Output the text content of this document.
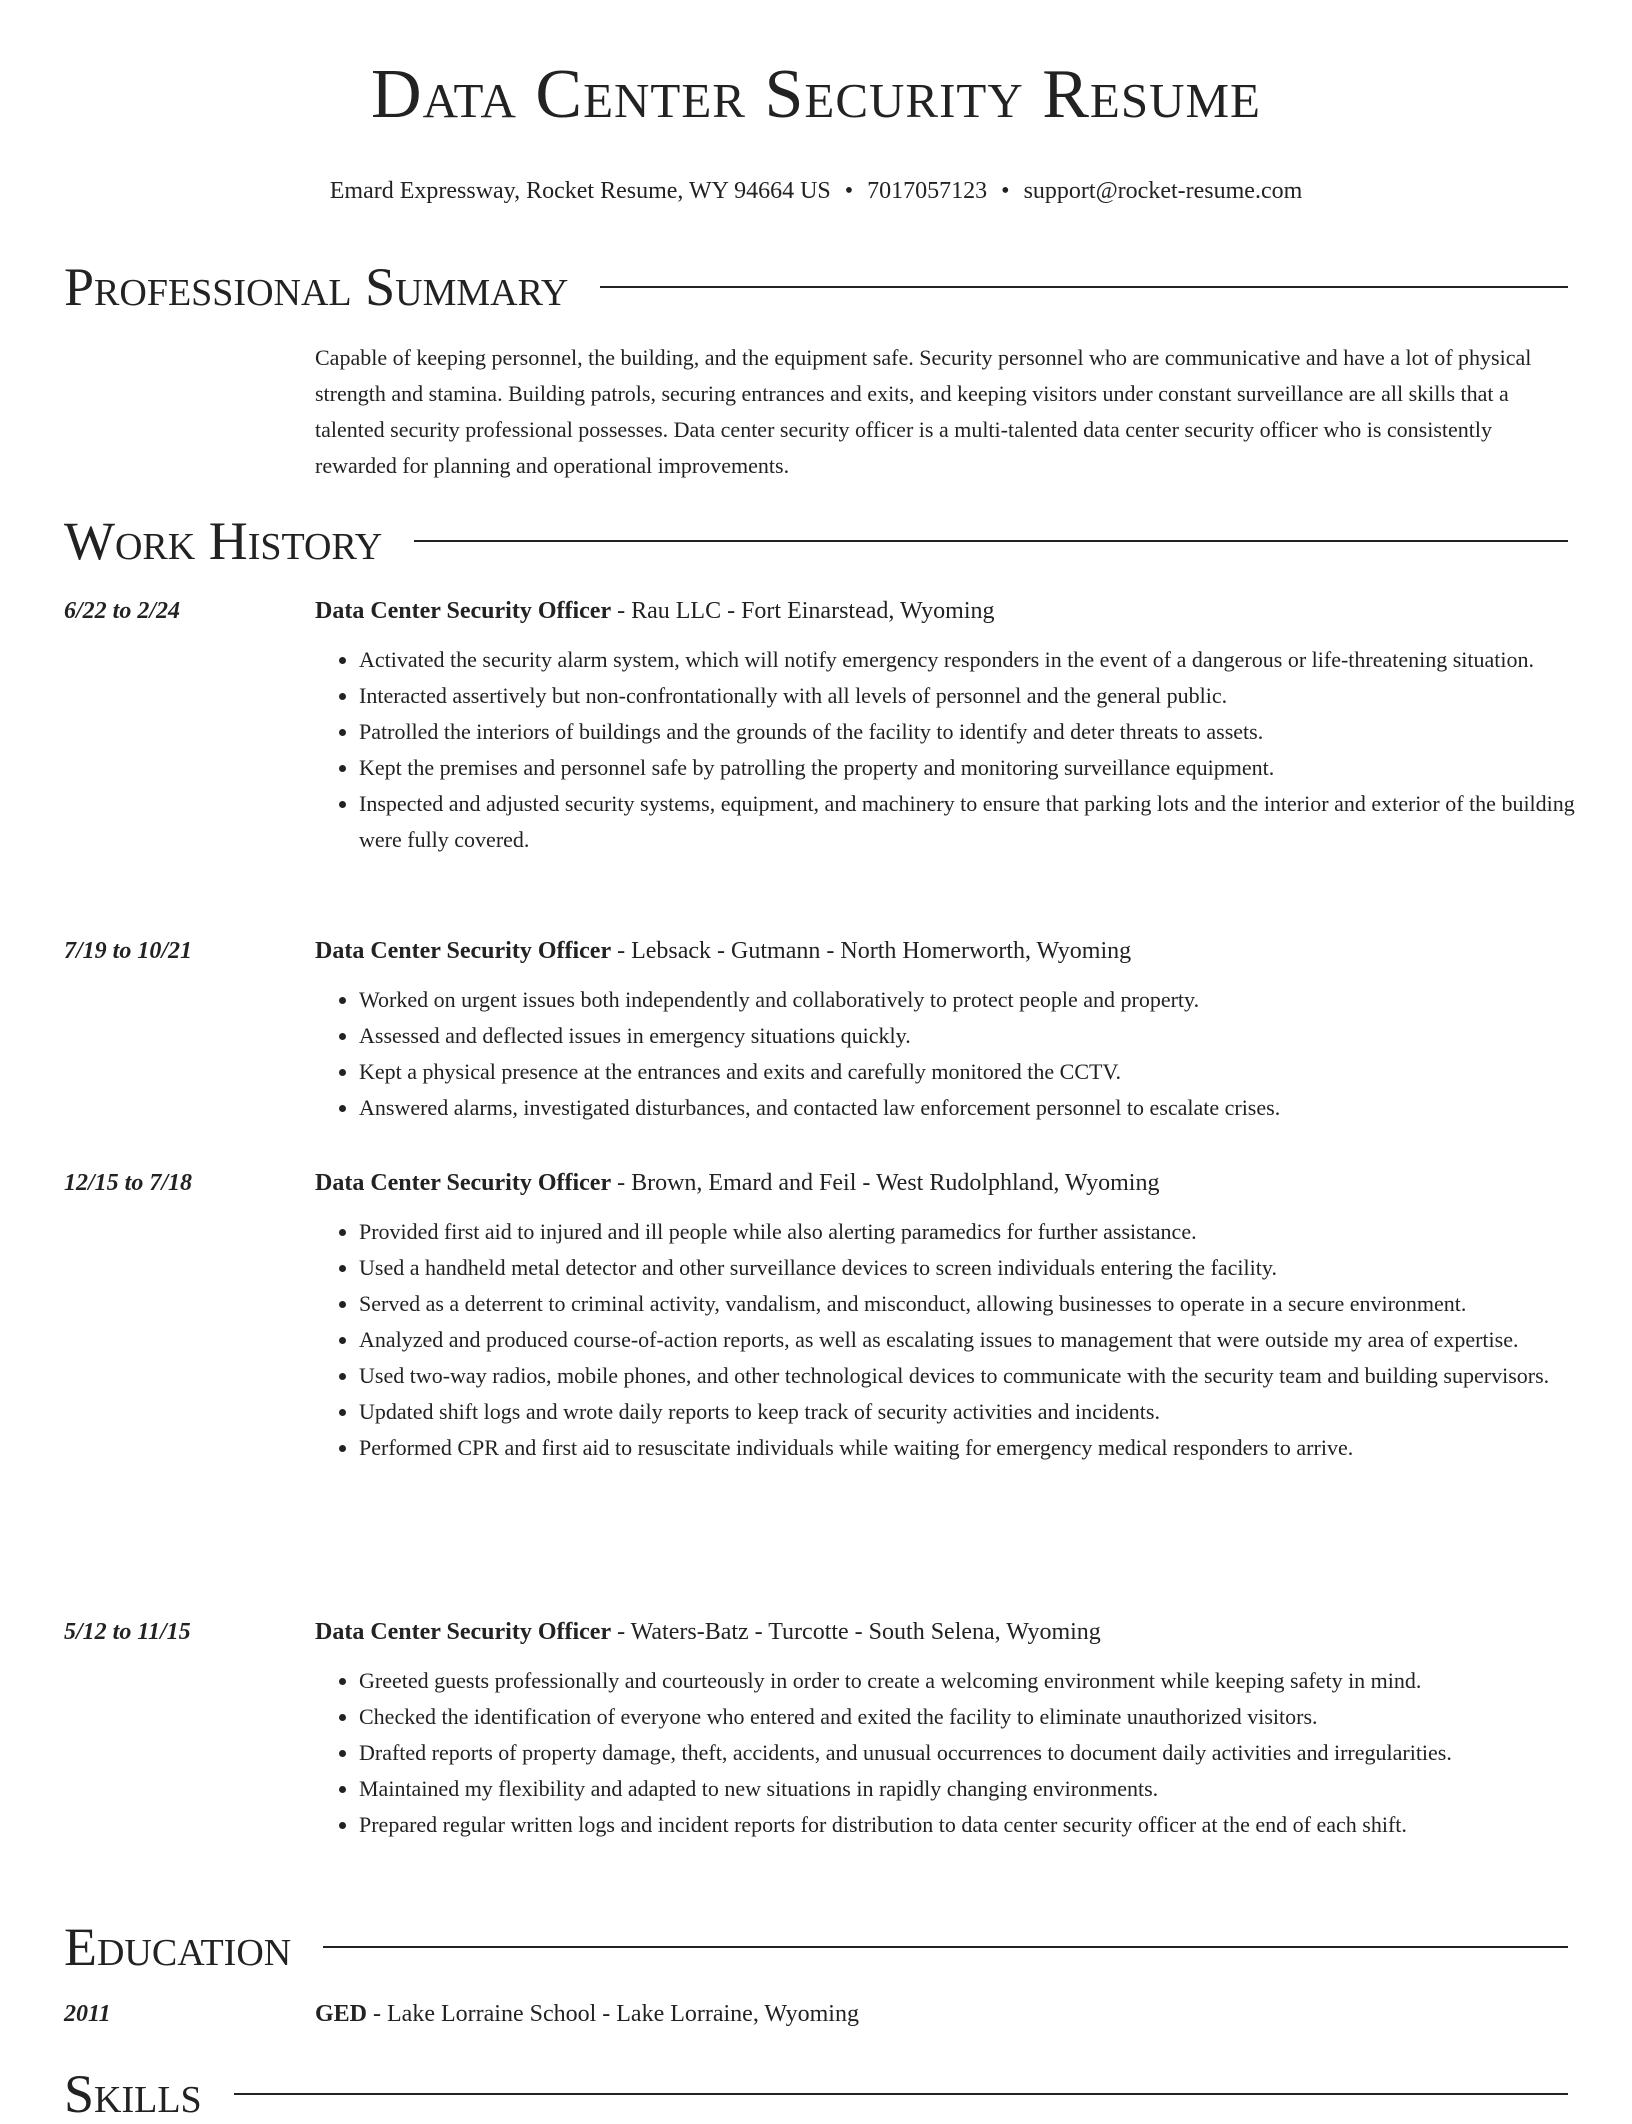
Data Center Security Resume
Emard Expressway, Rocket Resume, WY 94664 US • 7017057123 • support@rocket-resume.com
Professional Summary

Capable of keeping personnel, the building, and the equipment safe. Security personnel who are communicative and have a lot of physical strength and stamina. Building patrols, securing entrances and exits, and keeping visitors under constant surveillance are all skills that a talented security professional possesses. Data center security officer is a multi-talented data center security officer who is consistently rewarded for planning and operational improvements.

Work History
6/22 to 2/24	Data Center Security Officer - Rau LLC - Fort Einarstead, Wyoming
• Activated the security alarm system, which will notify emergency responders in the event of a dangerous or life-threatening situation.
• Interacted assertively but non-confrontationally with all levels of personnel and the general public.
• Patrolled the interiors of buildings and the grounds of the facility to identify and deter threats to assets.
• Kept the premises and personnel safe by patrolling the property and monitoring surveillance equipment.
• Inspected and adjusted security systems, equipment, and machinery to ensure that parking lots and the interior and exterior of the building were fully covered.
7/19 to 10/21	Data Center Security Officer - Lebsack - Gutmann - North Homerworth, Wyoming
• Worked on urgent issues both independently and collaboratively to protect people and property.
• Assessed and deflected issues in emergency situations quickly.
• Kept a physical presence at the entrances and exits and carefully monitored the CCTV.
• Answered alarms, investigated disturbances, and contacted law enforcement personnel to escalate crises.
12/15 to 7/18	Data Center Security Officer - Brown, Emard and Feil - West Rudolphland, Wyoming
• Provided first aid to injured and ill people while also alerting paramedics for further assistance.
• Used a handheld metal detector and other surveillance devices to screen individuals entering the facility.
• Served as a deterrent to criminal activity, vandalism, and misconduct, allowing businesses to operate in a secure environment.
• Analyzed and produced course-of-action reports, as well as escalating issues to management that were outside my area of expertise.
• Used two-way radios, mobile phones, and other technological devices to communicate with the security team and building supervisors.
• Updated shift logs and wrote daily reports to keep track of security activities and incidents.
• Performed CPR and first aid to resuscitate individuals while waiting for emergency medical responders to arrive.
5/12 to 11/15	Data Center Security Officer - Waters-Batz - Turcotte - South Selena, Wyoming
• Greeted guests professionally and courteously in order to create a welcoming environment while keeping safety in mind.
• Checked the identification of everyone who entered and exited the facility to eliminate unauthorized visitors.
• Drafted reports of property damage, theft, accidents, and unusual occurrences to document daily activities and irregularities.
• Maintained my flexibility and adapted to new situations in rapidly changing environments.
• Prepared regular written logs and incident reports for distribution to data center security officer at the end of each shift.
Education
2011	GED - Lake Lorraine School - Lake Lorraine, Wyoming
Skills
